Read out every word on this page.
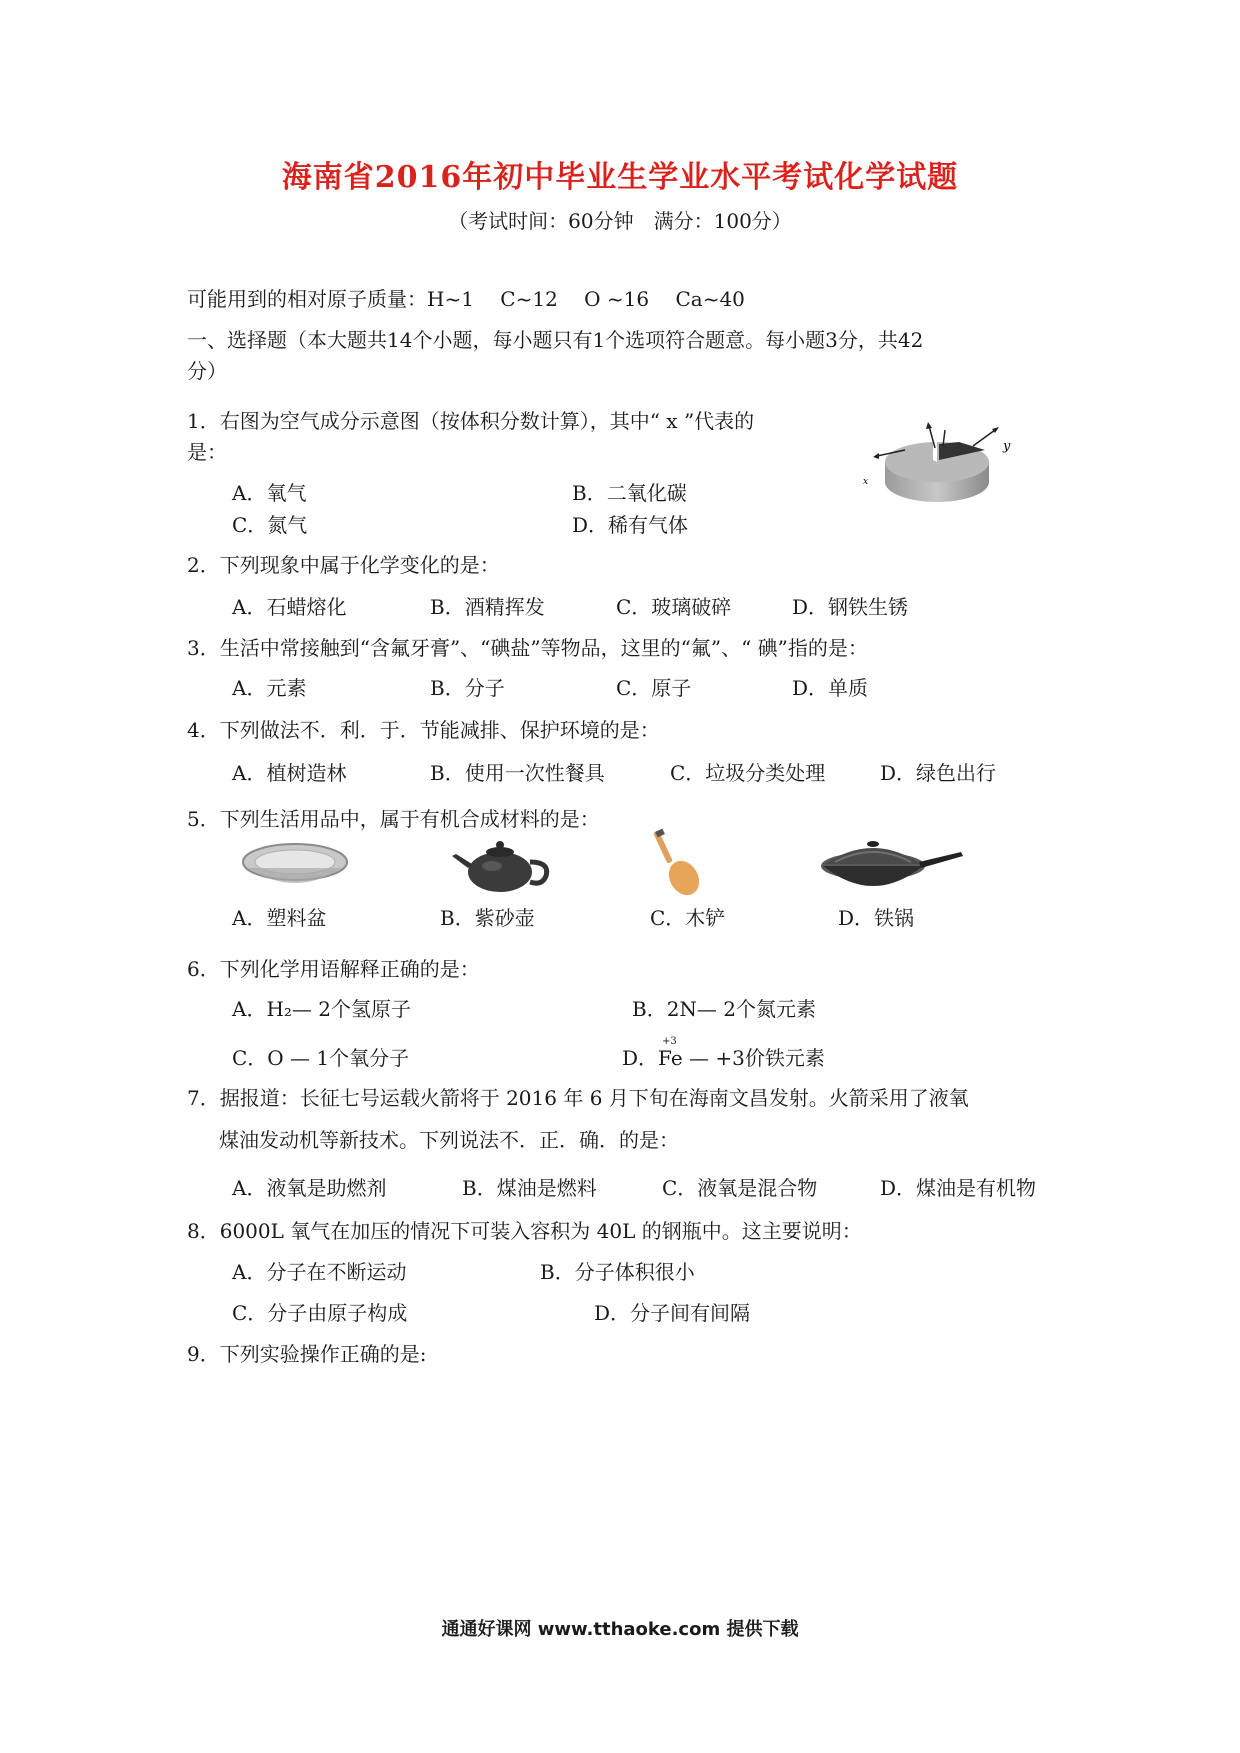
海南省2016年初中毕业生学业水平考试化学试题
（考试时间：60分钟　满分：100分）
可能用到的相对原子质量：H~1　 C~12　 O ~16　 Ca~40
一、选择题（本大题共14个小题，每小题只有1个选项符合题意。每小题3分，共42
分）
1．右图为空气成分示意图（按体积分数计算），其中“ x ”代表的
是：
A．氧气	B．二氧化碳
C．氮气	D．稀有气体
y
x
2．下列现象中属于化学变化的是：
A．石蜡熔化	B．酒精挥发	C．玻璃破碎	D．钢铁生锈
3．生活中常接触到“含氟牙膏”、“碘盐”等物品，这里的“氟”、“ 碘”指的是：
A．元素	B．分子	C．原子	D．单质
4．下列做法不．利．于．节能减排、保护环境的是：
A．植树造林	B．使用一次性餐具	C．垃圾分类处理	D．绿色出行
5．下列生活用品中，属于有机合成材料的是：
A．塑料盆	B．紫砂壶	C．木铲	D．铁锅
6．下列化学用语解释正确的是：
A．H₂— 2个氢原子	B．2N— 2个氮元素
C．O — 1个氧分子	D．
+3
Fe — +3价铁元素
7．据报道：长征七号运载火箭将于 2016 年 6 月下旬在海南文昌发射。火箭采用了液氧
煤油发动机等新技术。下列说法不．正．确．的是：
A．液氧是助燃剂	B．煤油是燃料	C．液氧是混合物	D．煤油是有机物
8．6000L 氧气在加压的情况下可装入容积为 40L 的钢瓶中。这主要说明：
A．分子在不断运动	B．分子体积很小
C．分子由原子构成	D．分子间有间隔
9．下列实验操作正确的是:
通通好课网 www.tthaoke.com 提供下载
